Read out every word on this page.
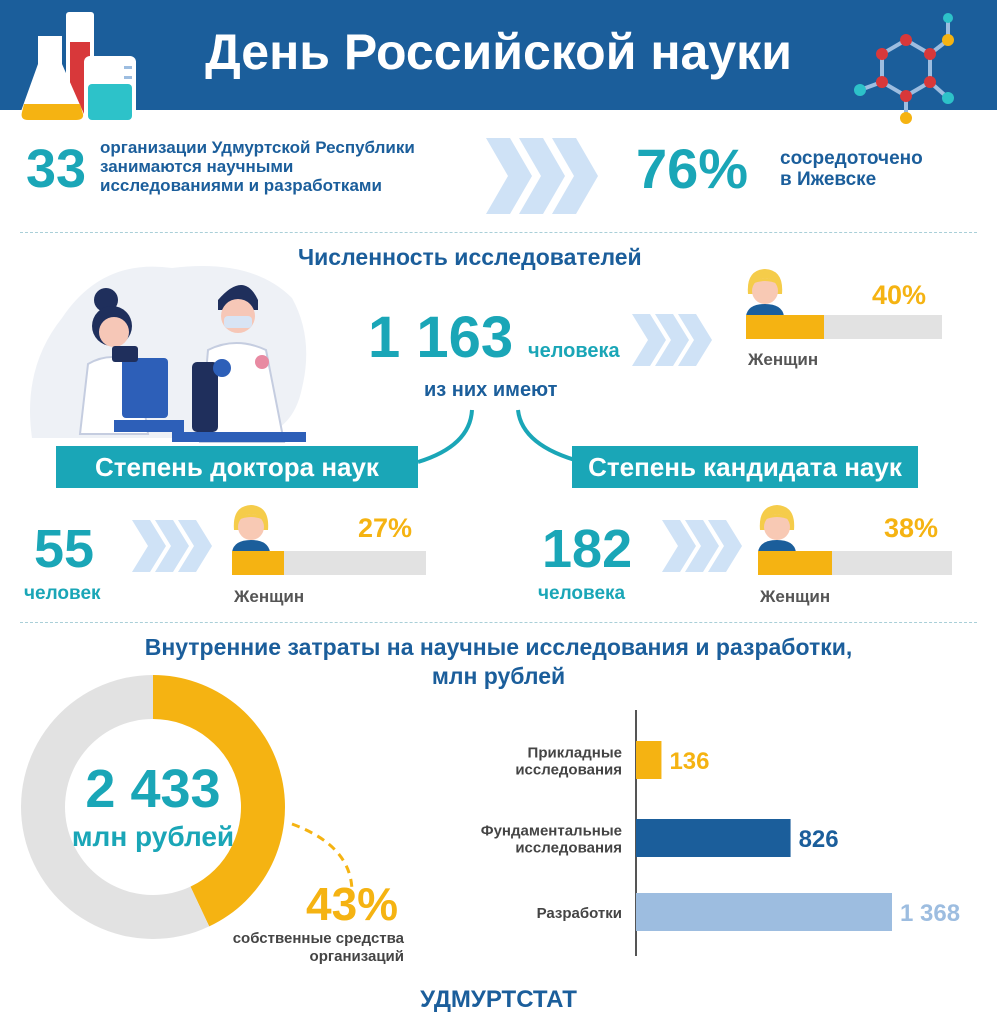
День Российской науки
33 организации Удмуртской Республики
занимаются научными
исследованиями и разработками	76% сосредоточено
в Ижевске
Численность исследователей
1 163 человека
из них имеют
40%
Женщин
Степень доктора наук	Степень кандидата наук
55
человек
27%
Женщин
182
человека
38%
Женщин
Внутренние затраты на научные исследования и разработки,
млн рублей
2 433
млн рублей
43%
собственные средства
организаций
136
Прикладные
исследования
826
Фундаментальные
исследования
1 368
Разработки
УДМУРТСТАТ
